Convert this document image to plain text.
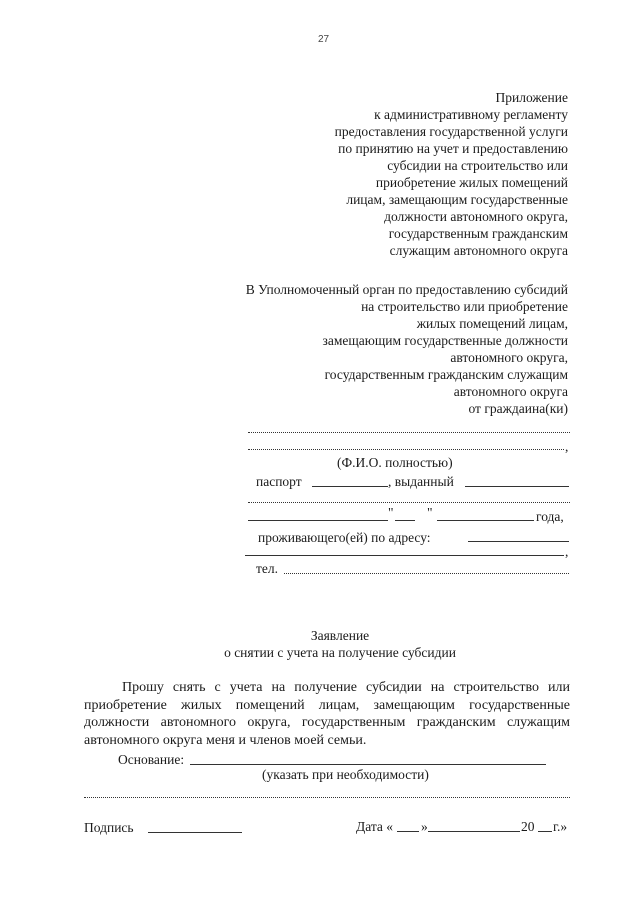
27
Приложение
к административному регламенту
предоставления государственной услуги
по принятию на учет и предоставлению
субсидии на строительство или
приобретение жилых помещений
лицам, замещающим государственные
должности автономного округа,
государственным гражданским
служащим автономного округа
В Уполномоченный орган по предоставлению субсидий
на строительство или приобретение
жилых помещений лицам,
замещающим государственные должности
автономного округа,
государственным гражданским служащим
автономного округа
от граждаина(ки)
,
(Ф.И.О. полностью)
паспорт	, выданный
" "	года,
проживающего(ей) по адресу:
,
тел.
Заявление
о снятии с учета на получение субсидии
Прошу снять с учета на получение субсидии на строительство или приобретение жилых помещений лицам, замещающим государственные должности автономного округа, государственным гражданским служащим автономного округа меня и членов моей семьи.
Основание:
(указать при необходимости)
Подпись	Дата « »	20 г.»
